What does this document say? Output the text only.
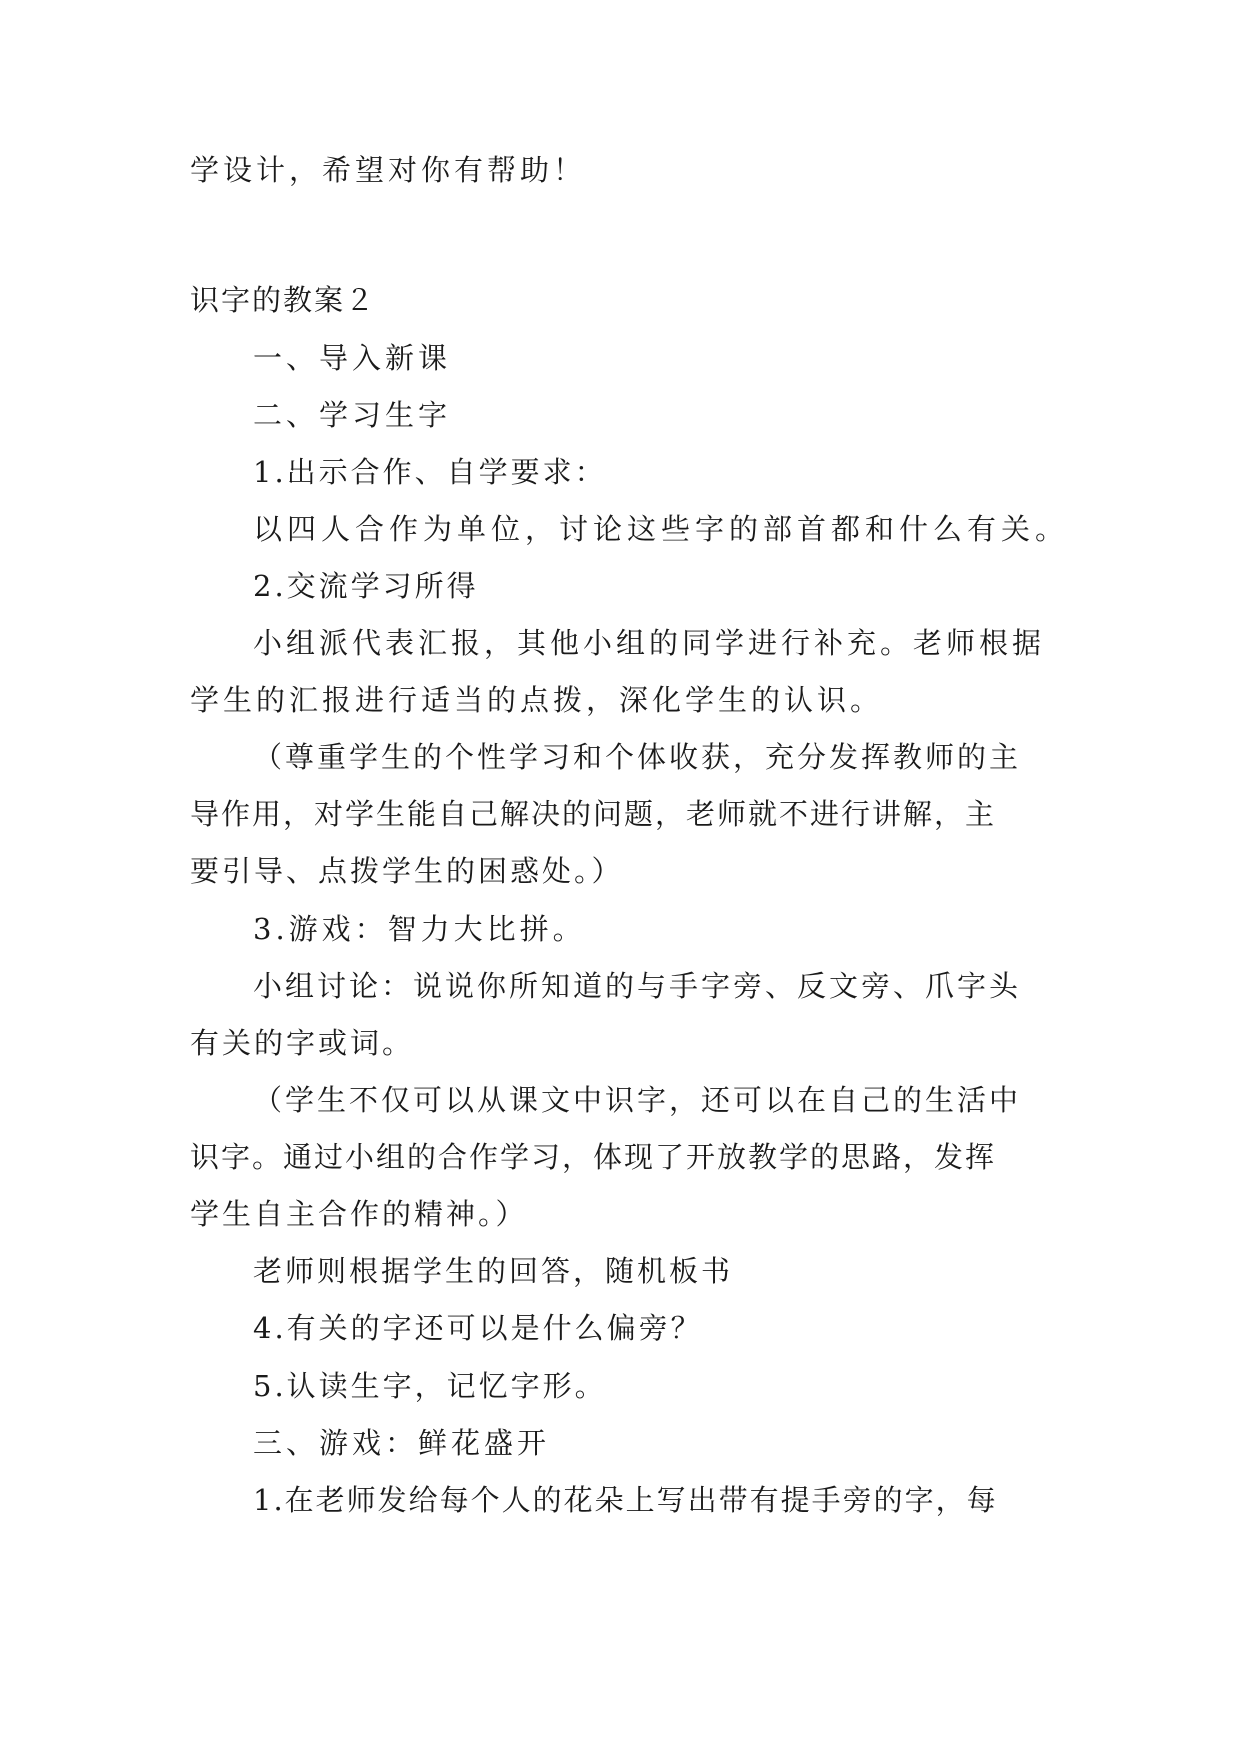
学设计，希望对你有帮助！
识字的教案２
一、导入新课
二、学习生字
1.出示合作、自学要求：
以四人合作为单位，讨论这些字的部首都和什么有关。
2.交流学习所得
小组派代表汇报，其他小组的同学进行补充。老师根据
学生的汇报进行适当的点拨，深化学生的认识。
（尊重学生的个性学习和个体收获，充分发挥教师的主
导作用，对学生能自己解决的问题，老师就不进行讲解，主
要引导、点拨学生的困惑处。）
3.游戏：智力大比拼。
小组讨论：说说你所知道的与手字旁、反文旁、爪字头
有关的字或词。
（学生不仅可以从课文中识字，还可以在自己的生活中
识字。通过小组的合作学习，体现了开放教学的思路，发挥
学生自主合作的精神。）
老师则根据学生的回答，随机板书
4.有关的字还可以是什么偏旁？
5.认读生字，记忆字形。
三、游戏：鲜花盛开
1.在老师发给每个人的花朵上写出带有提手旁的字，每
